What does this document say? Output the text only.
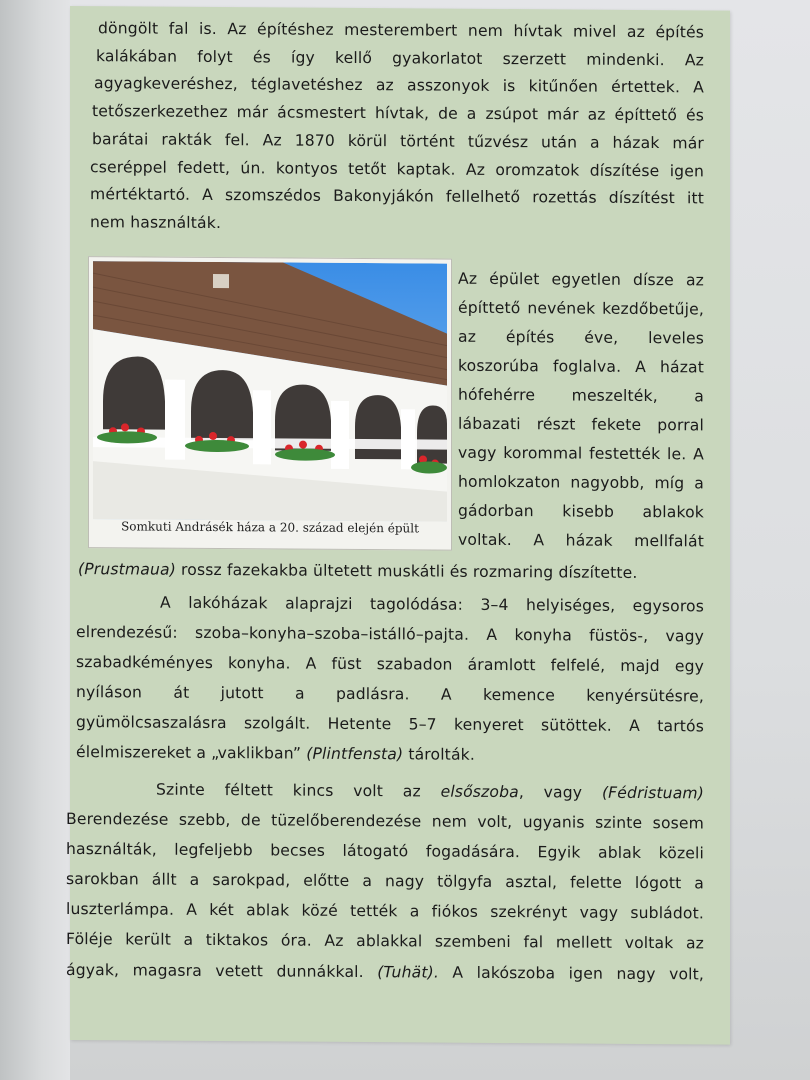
döngölt fal is. Az építéshez mesterembert nem hívtak mivel az építés
kalákában folyt és így kellő gyakorlatot szerzett mindenki. Az
agyagkeveréshez, téglavetéshez az asszonyok is kitűnően értettek. A
tetőszerkezethez már ácsmestert hívtak, de a zsúpot már az építtető és
barátai rakták fel. Az 1870 körül történt tűzvész után a házak már
cseréppel fedett, ún. kontyos tetőt kaptak. Az oromzatok díszítése igen
mértéktartó. A szomszédos Bakonyjákón fellelhető rozettás díszítést itt
nem használták.
Somkuti Andrásék háza a 20. század elején épült
Az épület egyetlen dísze az
építtető nevének kezdőbetűje,
az építés éve, leveles
koszorúba foglalva. A házat
hófehérre meszelték, a
lábazati részt fekete porral
vagy korommal festették le. A
homlokzaton nagyobb, míg a
gádorban kisebb ablakok
voltak. A házak mellfalát
(Prustmaua) rossz fazekakba ültetett muskátli és rozmaring díszítette.
A lakóházak alaprajzi tagolódása: 3–4 helyiséges, egysoros
elrendezésű: szoba–konyha–szoba–istálló–pajta. A konyha füstös-, vagy
szabadkéményes konyha. A füst szabadon áramlott felfelé, majd egy
nyíláson át jutott a padlásra. A kemence kenyérsütésre,
gyümölcsaszalásra szolgált. Hetente 5–7 kenyeret sütöttek. A tartós
élelmiszereket a „vaklikban” (Plintfensta) tárolták.
Szinte féltett kincs volt az elsőszoba, vagy (Fédristuam)
Berendezése szebb, de tüzelőberendezése nem volt, ugyanis szinte sosem
használták, legfeljebb becses látogató fogadására. Egyik ablak közeli
sarokban állt a sarokpad, előtte a nagy tölgyfa asztal, felette lógott a
luszterlámpa. A két ablak közé tették a fiókos szekrényt vagy subládot.
Föléje került a tiktakos óra. Az ablakkal szembeni fal mellett voltak az
ágyak, magasra vetett dunnákkal. (Tuhät). A lakószoba igen nagy volt,
